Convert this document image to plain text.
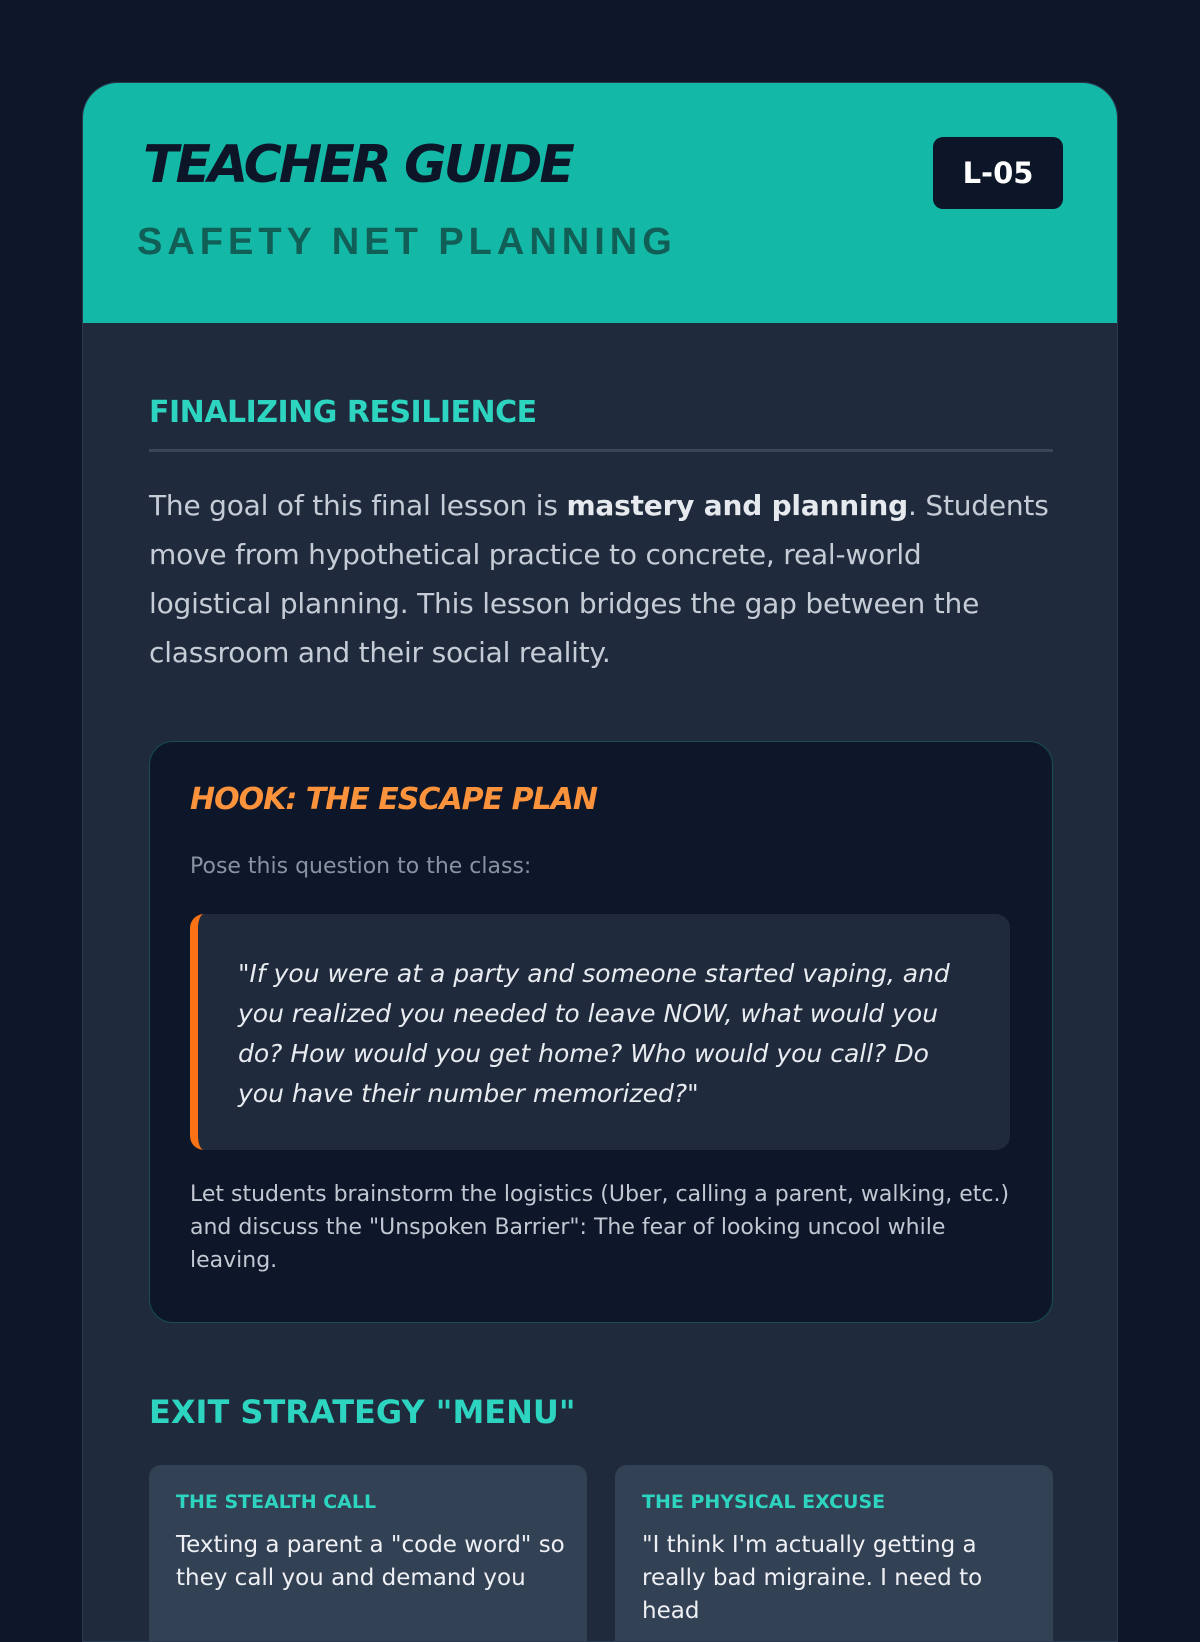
TEACHER GUIDE
SAFETY NET PLANNING
L-05
FINALIZING RESILIENCE
The goal of this final lesson is mastery and planning. Students move from hypothetical practice to concrete, real-world logistical planning. This lesson bridges the gap between the classroom and their social reality.
HOOK: THE ESCAPE PLAN
Pose this question to the class:
"If you were at a party and someone started vaping, and you realized you needed to leave NOW, what would you do? How would you get home? Who would you call? Do you have their number memorized?"
Let students brainstorm the logistics (Uber, calling a parent, walking, etc.) and discuss the "Unspoken Barrier": The fear of looking uncool while leaving.
EXIT STRATEGY "MENU"
THE STEALTH CALL
Texting a parent a "code word" so they call you and demand you
THE PHYSICAL EXCUSE
"I think I'm actually getting a really bad migraine. I need to head
